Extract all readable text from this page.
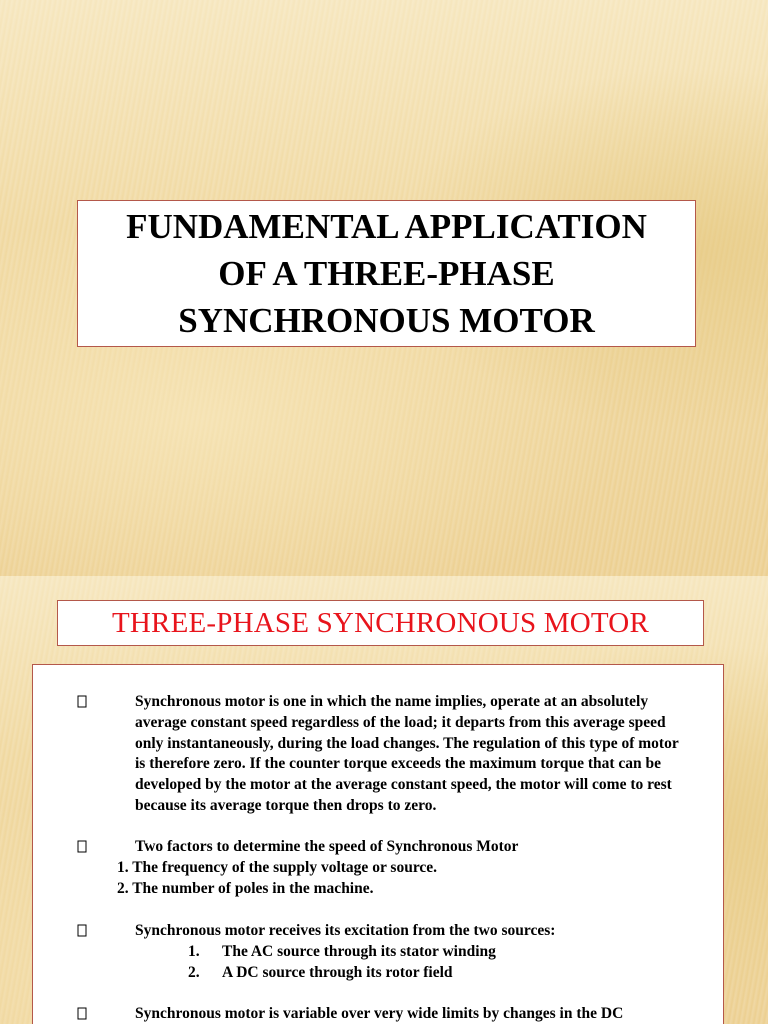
FUNDAMENTAL APPLICATION
OF A THREE-PHASE
SYNCHRONOUS MOTOR
THREE-PHASE SYNCHRONOUS MOTOR
Synchronous motor is one in which the name implies, operate at an absolutely
average constant speed regardless of the load; it departs from this average speed
only instantaneously, during the load changes. The regulation of this type of motor
is therefore zero. If the counter torque exceeds the maximum torque that can be
developed by the motor at the average constant speed, the motor will come to rest
because its average torque then drops to zero.
Two factors to determine the speed of Synchronous Motor
1. The frequency of the supply voltage or source.
2. The number of poles in the machine.
Synchronous motor receives its excitation from the two sources:
1. The AC source through its stator winding
2. A DC source through its rotor field
Synchronous motor is variable over very wide limits by changes in the DC
